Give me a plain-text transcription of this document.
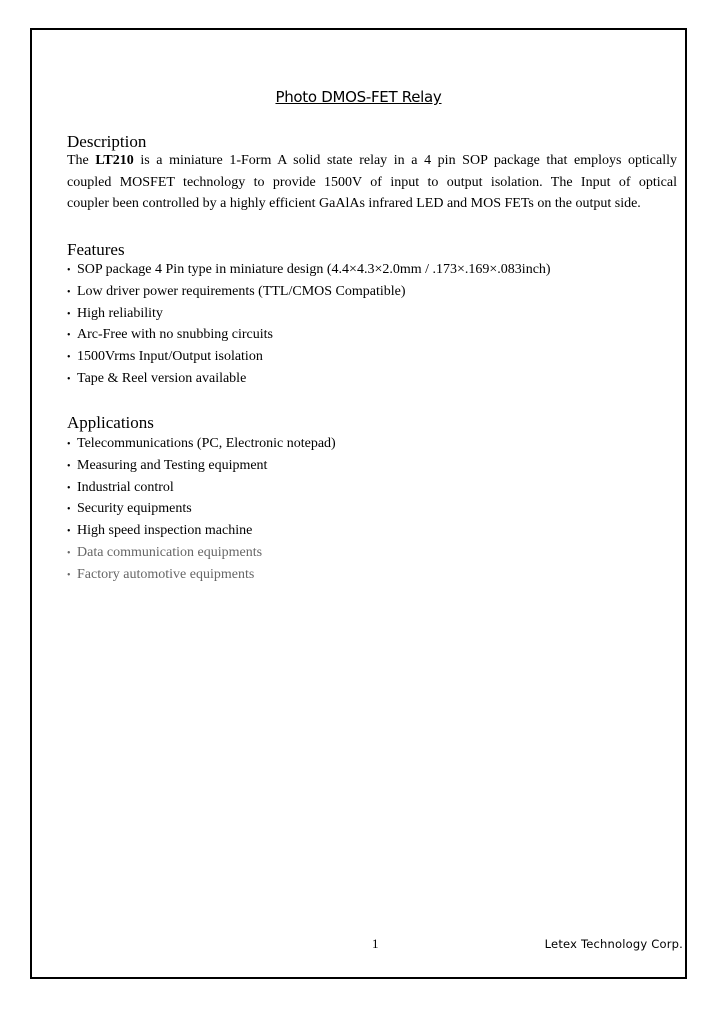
Photo DMOS-FET Relay
Description

The LT210 is a miniature 1-Form A solid state relay in a 4 pin SOP package that employs optically
coupled MOSFET technology to provide 1500V of input to output isolation. The Input of optical
coupler been controlled by a highly efficient GaAlAs infrared LED and MOS FETs on the output side.

Features
• SOP package 4 Pin type in miniature design (4.4×4.3×2.0mm / .173×.169×.083inch)
• Low driver power requirements (TTL/CMOS Compatible)
• High reliability
• Arc-Free with no snubbing circuits
• 1500Vrms Input/Output isolation
• Tape & Reel version available
Applications
• Telecommunications (PC, Electronic notepad)
• Measuring and Testing equipment
• Industrial control
• Security equipments
• High speed inspection machine
• Data communication equipments
• Factory automotive equipments
1	Letex Technology Corp.
